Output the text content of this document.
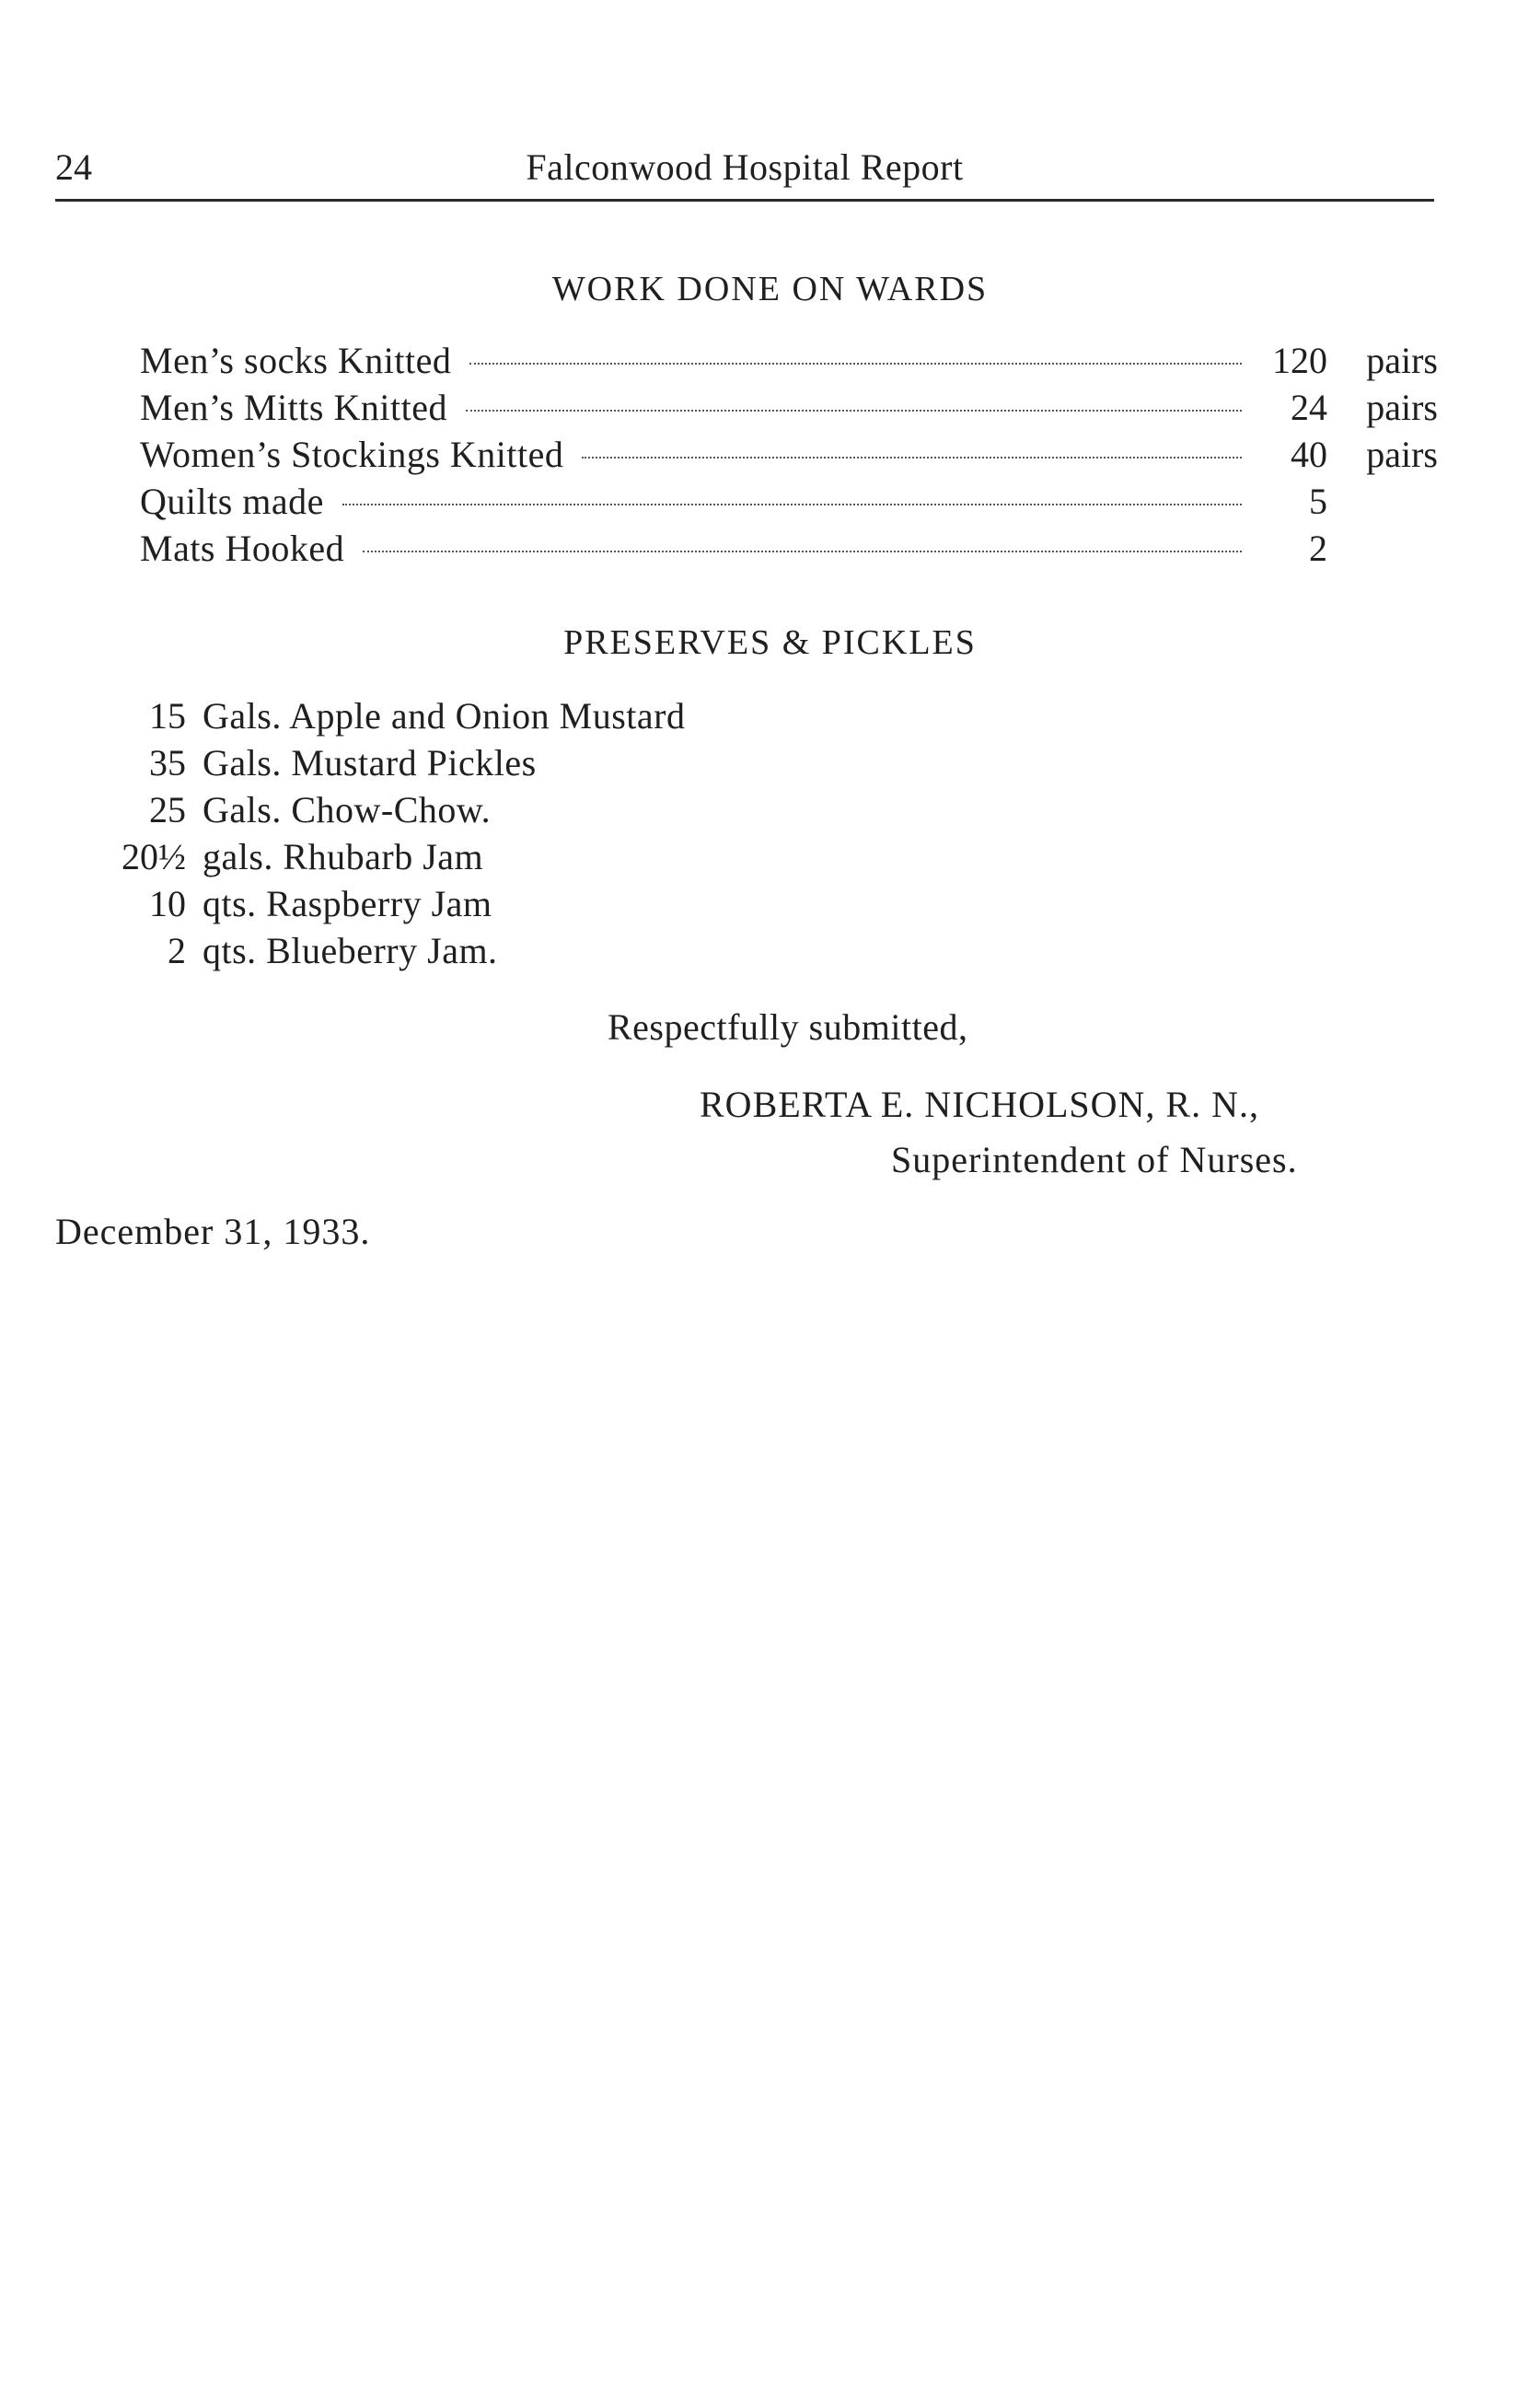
24	Falconwood Hospital Report
WORK DONE ON WARDS
Men’s socks Knitted	120	pairs
Men’s Mitts Knitted	24	pairs
Women’s Stockings Knitted	40	pairs
Quilts made	5
Mats Hooked	2
PRESERVES & PICKLES
15 Gals. Apple and Onion Mustard
35 Gals. Mustard Pickles
25 Gals. Chow-Chow.
20½ gals. Rhubarb Jam
10 qts. Raspberry Jam
2 qts. Blueberry Jam.
Respectfully submitted,
ROBERTA E. NICHOLSON, R. N.,
Superintendent of Nurses.
December 31, 1933.
